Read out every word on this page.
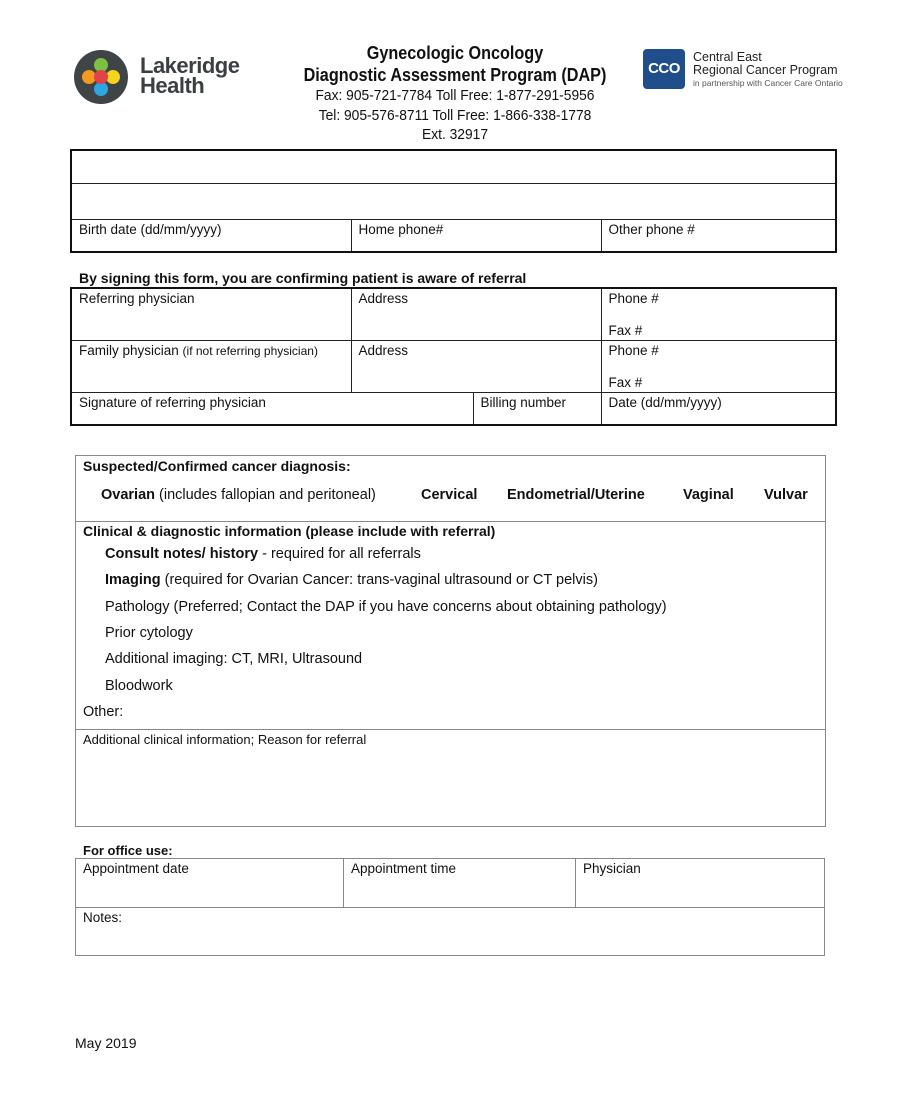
Lakeridge
Health
Gynecologic Oncology
Diagnostic Assessment Program (DAP)
Fax: 905-721-7784 Toll Free: 1-877-291-5956
Tel: 905-576-8711 Toll Free: 1-866-338-1778
Ext. 32917
CCO
Central East
Regional Cancer Program
in partnership with Cancer Care Ontario

Birth date (dd/mm/yyyy)	Home phone#	Other phone #
By signing this form, you are confirming patient is aware of referral
Referring physician	Address		Phone #
Fax #

Family physician (if not referring physician)	Address		Phone #
Fax #

Signature of referring physician		Billing number	Date (dd/mm/yyyy)
Suspected/Confirmed cancer diagnosis:
Ovarian (includes fallopian and peritoneal)	Cervical Endometrial/Uterine	Vaginal Vulvar
Clinical & diagnostic information (please include with referral)
Consult notes/ history - required for all referrals
Imaging (required for Ovarian Cancer: trans-vaginal ultrasound or CT pelvis)
Pathology (Preferred; Contact the DAP if you have concerns about obtaining pathology)
Prior cytology
Additional imaging: CT, MRI, Ultrasound
Bloodwork
Other:
Additional clinical information; Reason for referral
For office use:
Appointment date	Appointment time	Physician
Notes:
May 2019
